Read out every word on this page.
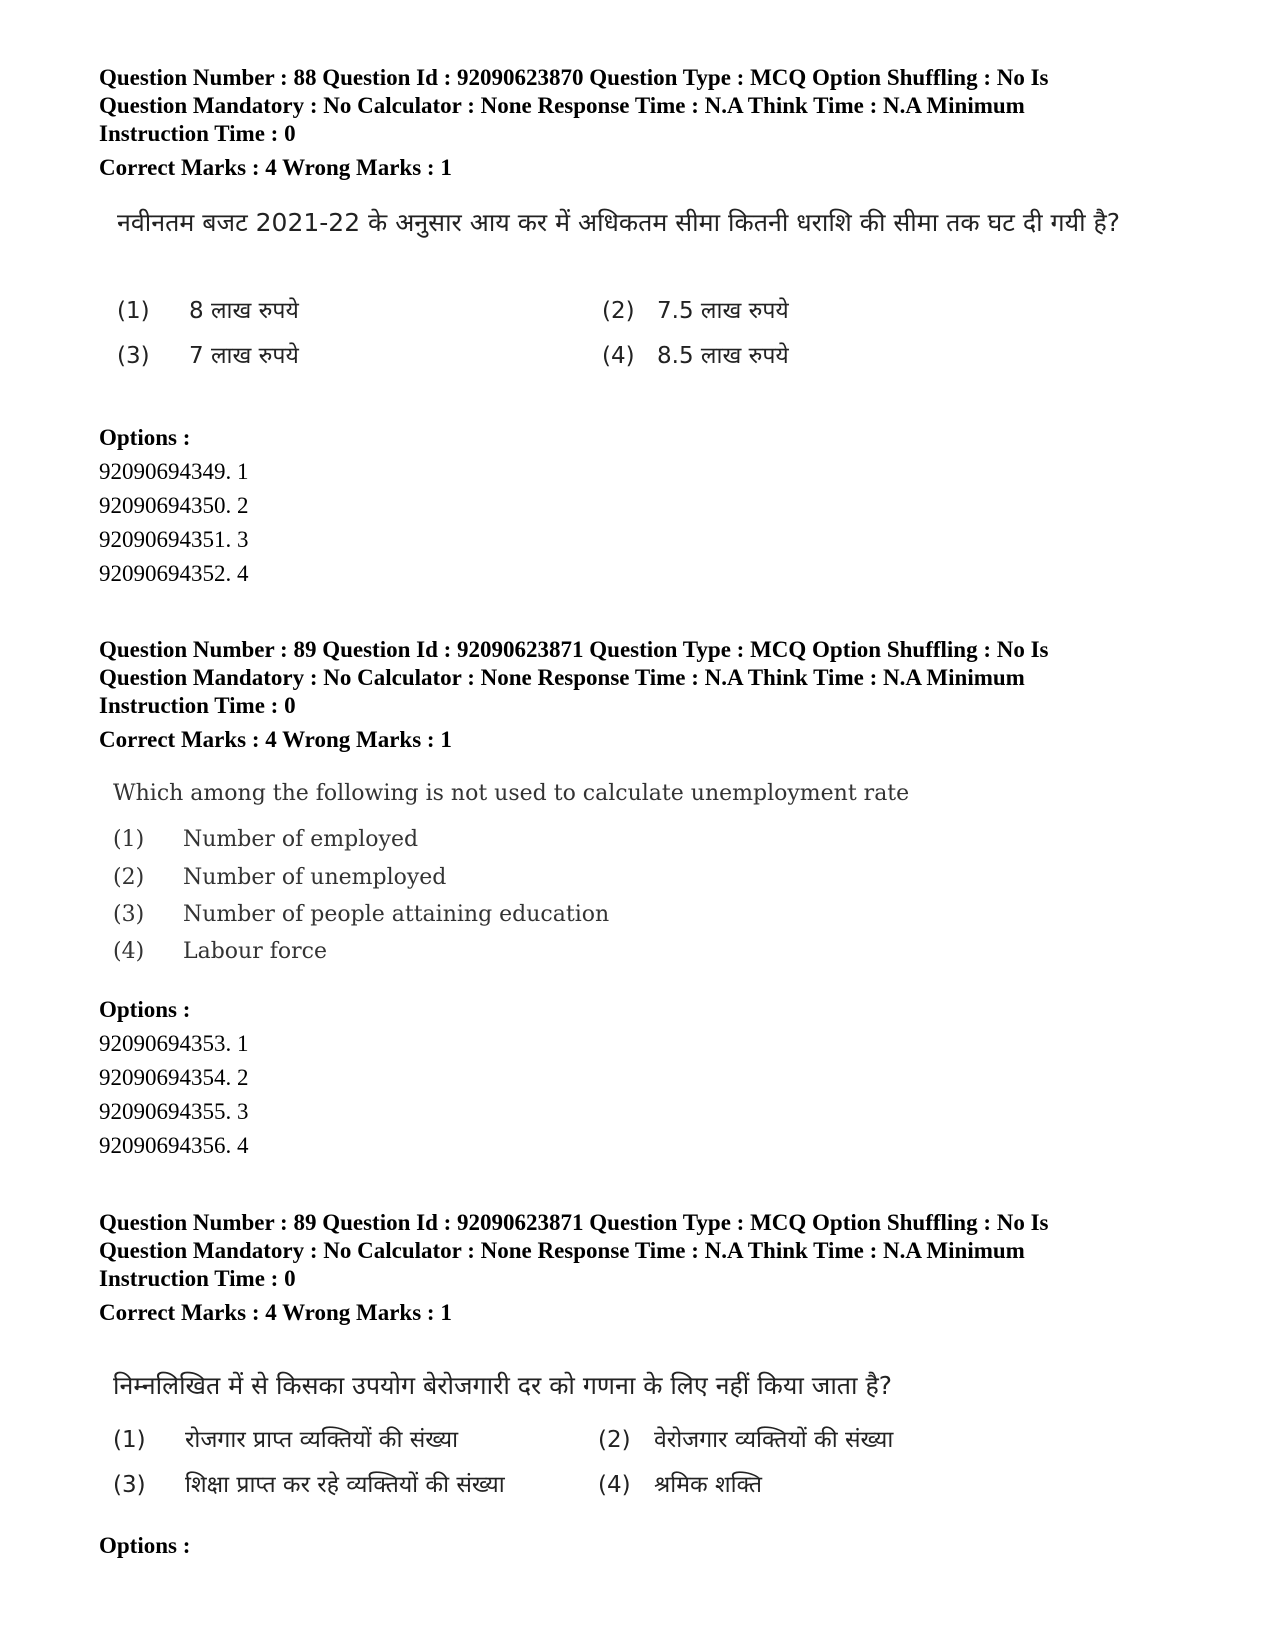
Question Number : 88 Question Id : 92090623870 Question Type : MCQ Option Shuffling : No Is
Question Mandatory : No Calculator : None Response Time : N.A Think Time : N.A Minimum
Instruction Time : 0
Correct Marks : 4 Wrong Marks : 1
नवीनतम बजट 2021-22 के अनुसार आय कर में अधिकतम सीमा कितनी धराशि की सीमा तक घट दी गयी है?
(1) 8 लाख रुपये	(2) 7.5 लाख रुपये
(3) 7 लाख रुपये	(4) 8.5 लाख रुपये
Options :
92090694349. 1
92090694350. 2
92090694351. 3
92090694352. 4
Question Number : 89 Question Id : 92090623871 Question Type : MCQ Option Shuffling : No Is
Question Mandatory : No Calculator : None Response Time : N.A Think Time : N.A Minimum
Instruction Time : 0
Correct Marks : 4 Wrong Marks : 1
Which among the following is not used to calculate unemployment rate
(1) Number of employed
(2) Number of unemployed
(3) Number of people attaining education
(4) Labour force
Options :
92090694353. 1
92090694354. 2
92090694355. 3
92090694356. 4
Question Number : 89 Question Id : 92090623871 Question Type : MCQ Option Shuffling : No Is
Question Mandatory : No Calculator : None Response Time : N.A Think Time : N.A Minimum
Instruction Time : 0
Correct Marks : 4 Wrong Marks : 1
निम्नलिखित में से किसका उपयोग बेरोजगारी दर को गणना के लिए नहीं किया जाता है?
(1) रोजगार प्राप्त व्यक्तियों की संख्या	(2) वेरोजगार व्यक्तियों की संख्या
(3) शिक्षा प्राप्त कर रहे व्यक्तियों की संख्या	(4) श्रमिक शक्ति
Options :
